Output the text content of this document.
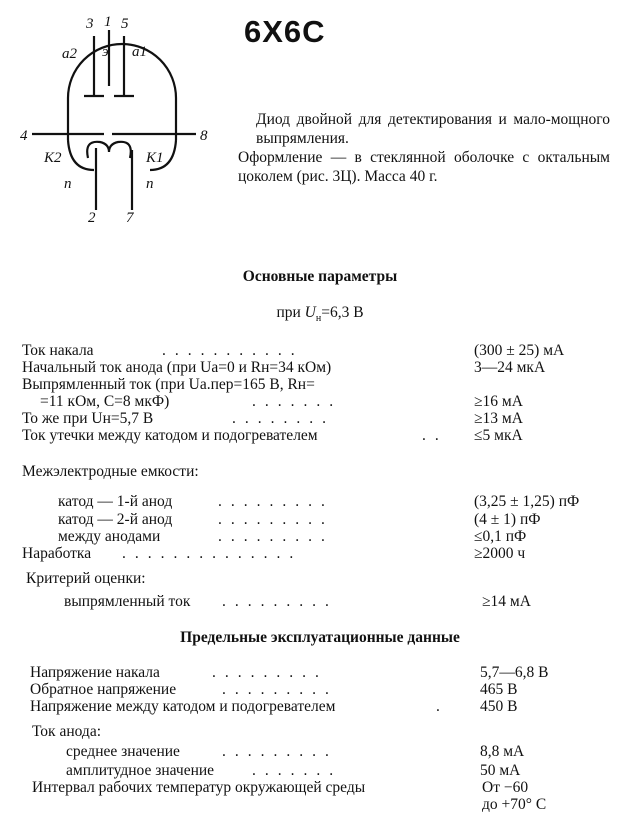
3 1 5
4	8
2 7
а2 э а1
К2	К1
п	п
6Х6С

Диод двойной для детектирования и мало-мощного выпрямления.

Оформление — в стеклянной оболочке с октальным цоколем (рис. 3Ц). Масса 40 г.

Основные параметры
при $U_н=6,3$ В
Ток накала	...........	(300 ± 25) мА
Начальный ток анода (при Uа=0 и Rн=34 кОм)	3—24 мкА
Выпрямленный ток (при Uа.пер=165 В, Rн=
=11 кОм, С=8 мкФ)	.......	≥16 мА
То же при Uн=5,7 В	........	≥13 мА
Ток утечки между катодом и подогревателем	.. ≤5 мкА
Межэлектродные емкости:
катод — 1-й анод	.........	(3,25 ± 1,25) пФ
катод — 2-й анод	.........	(4 ± 1) пФ
между анодами	.........	≤0,1 пФ
Наработка ..............	≥2000 ч
Критерий оценки:
выпрямленный ток .........	≥14 мА
Предельные эксплуатационные данные
Напряжение накала	.........	5,7—6,8 В
Обратное напряжение	.........	465 В
Напряжение между катодом и подогревателем	. 450 В
Ток анода:
среднее значение	.........	8,8 мА
амплитудное значение .......	50 мА
Интервал рабочих температур окружающей среды	От −60
до +70° С
